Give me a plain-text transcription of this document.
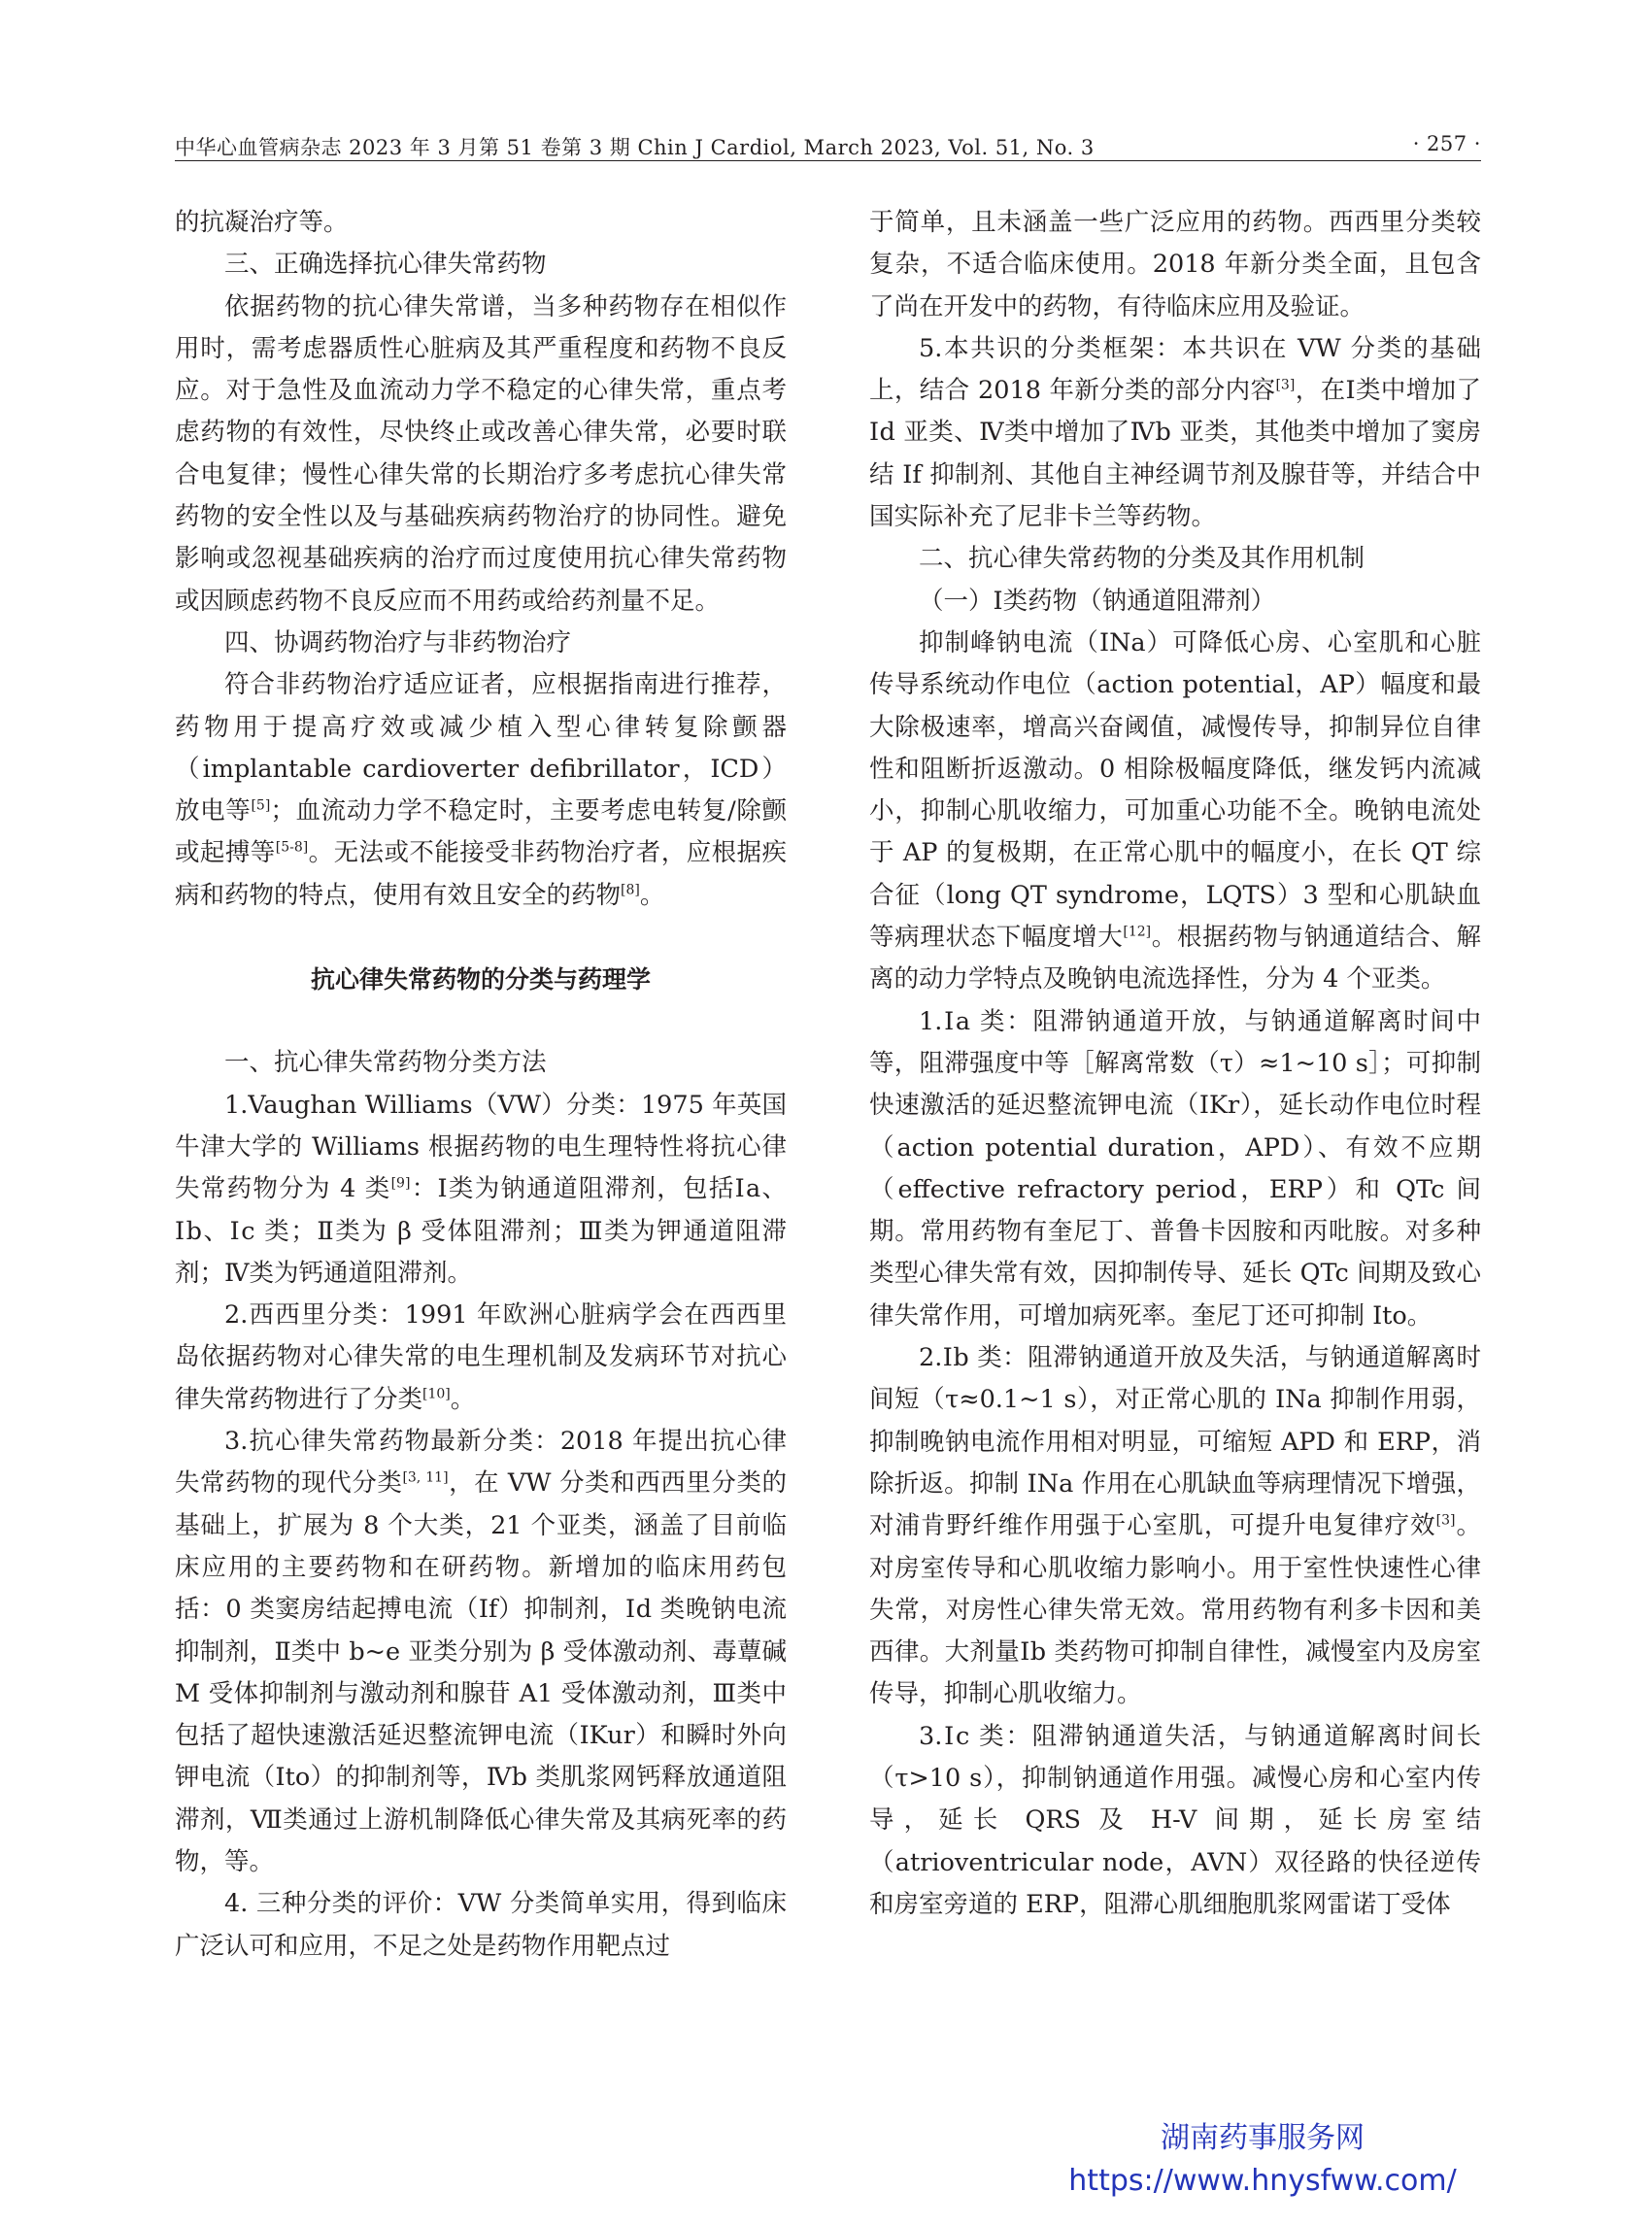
中华心血管病杂志 2023 年 3 月第 51 卷第 3 期 Chin J Cardiol, March 2023, Vol. 51, No. 3	· 257 ·

的抗凝治疗等。

三、正确选择抗心律失常药物

依据药物的抗心律失常谱，当多种药物存在相似作用时，需考虑器质性心脏病及其严重程度和药物不良反应。对于急性及血流动力学不稳定的心律失常，重点考虑药物的有效性，尽快终止或改善心律失常，必要时联合电复律；慢性心律失常的长期治疗多考虑抗心律失常药物的安全性以及与基础疾病药物治疗的协同性。避免影响或忽视基础疾病的治疗而过度使用抗心律失常药物或因顾虑药物不良反应而不用药或给药剂量不足。

四、协调药物治疗与非药物治疗

符合非药物治疗适应证者，应根据指南进行推荐，药物用于提高疗效或减少植入型心律转复除颤器（implantable cardioverter defibrillator，ICD）放电等[5]；血流动力学不稳定时，主要考虑电转复/除颤或起搏等[5-8]。无法或不能接受非药物治疗者，应根据疾病和药物的特点，使用有效且安全的药物[8]。

抗心律失常药物的分类与药理学

一、抗心律失常药物分类方法

1.Vaughan Williams（VW）分类：1975 年英国牛津大学的 Williams 根据药物的电生理特性将抗心律失常药物分为 4 类[9]：Ⅰ类为钠通道阻滞剂，包括Ⅰa、Ⅰb、Ⅰc 类；Ⅱ类为 β 受体阻滞剂；Ⅲ类为钾通道阻滞剂；Ⅳ类为钙通道阻滞剂。

2.西西里分类：1991 年欧洲心脏病学会在西西里岛依据药物对心律失常的电生理机制及发病环节对抗心律失常药物进行了分类[10]。

3.抗心律失常药物最新分类：2018 年提出抗心律失常药物的现代分类[3, 11]，在 VW 分类和西西里分类的基础上，扩展为 8 个大类，21 个亚类，涵盖了目前临床应用的主要药物和在研药物。新增加的临床用药包括：0 类窦房结起搏电流（If）抑制剂，Ⅰd 类晚钠电流抑制剂，Ⅱ类中 b~e 亚类分别为 β 受体激动剂、毒蕈碱 M 受体抑制剂与激动剂和腺苷 A1 受体激动剂，Ⅲ类中包括了超快速激活延迟整流钾电流（IKur）和瞬时外向钾电流（Ito）的抑制剂等，Ⅳb 类肌浆网钙释放通道阻滞剂，Ⅶ类通过上游机制降低心律失常及其病死率的药物，等。

4. 三种分类的评价：VW 分类简单实用，得到临床广泛认可和应用，不足之处是药物作用靶点过

于简单，且未涵盖一些广泛应用的药物。西西里分类较复杂，不适合临床使用。2018 年新分类全面，且包含了尚在开发中的药物，有待临床应用及验证。

5.本共识的分类框架：本共识在 VW 分类的基础上，结合 2018 年新分类的部分内容[3]，在Ⅰ类中增加了Ⅰd 亚类、Ⅳ类中增加了Ⅳb 亚类，其他类中增加了窦房结 If 抑制剂、其他自主神经调节剂及腺苷等，并结合中国实际补充了尼非卡兰等药物。

二、抗心律失常药物的分类及其作用机制

（一）Ⅰ类药物（钠通道阻滞剂）

抑制峰钠电流（INa）可降低心房、心室肌和心脏传导系统动作电位（action potential，AP）幅度和最大除极速率，增高兴奋阈值，减慢传导，抑制异位自律性和阻断折返激动。0 相除极幅度降低，继发钙内流减小，抑制心肌收缩力，可加重心功能不全。晚钠电流处于 AP 的复极期，在正常心肌中的幅度小，在长 QT 综合征（long QT syndrome，LQTS）3 型和心肌缺血等病理状态下幅度增大[12]。根据药物与钠通道结合、解离的动力学特点及晚钠电流选择性，分为 4 个亚类。

1.Ⅰa 类：阻滞钠通道开放，与钠通道解离时间中等，阻滞强度中等［解离常数（τ）≈1~10 s］；可抑制快速激活的延迟整流钾电流（IKr），延长动作电位时程（action potential duration，APD）、有效不应期（effective refractory period，ERP）和 QTc 间期。常用药物有奎尼丁、普鲁卡因胺和丙吡胺。对多种类型心律失常有效，因抑制传导、延长 QTc 间期及致心律失常作用，可增加病死率。奎尼丁还可抑制 Ito。

2.Ⅰb 类：阻滞钠通道开放及失活，与钠通道解离时间短（τ≈0.1~1 s），对正常心肌的 INa 抑制作用弱，抑制晚钠电流作用相对明显，可缩短 APD 和 ERP，消除折返。抑制 INa 作用在心肌缺血等病理情况下增强，对浦肯野纤维作用强于心室肌，可提升电复律疗效[3]。对房室传导和心肌收缩力影响小。用于室性快速性心律失常，对房性心律失常无效。常用药物有利多卡因和美西律。大剂量Ⅰb 类药物可抑制自律性，减慢室内及房室传导，抑制心肌收缩力。

3.Ⅰc 类：阻滞钠通道失活，与钠通道解离时间长（τ>10 s），抑制钠通道作用强。减慢心房和心室内传导，延长 QRS 及 H-V 间期，延长房室结（atrioventricular node，AVN）双径路的快径逆传和房室旁道的 ERP，阻滞心肌细胞肌浆网雷诺丁受体

湖南药事服务网
https://www.hnysfww.com/
